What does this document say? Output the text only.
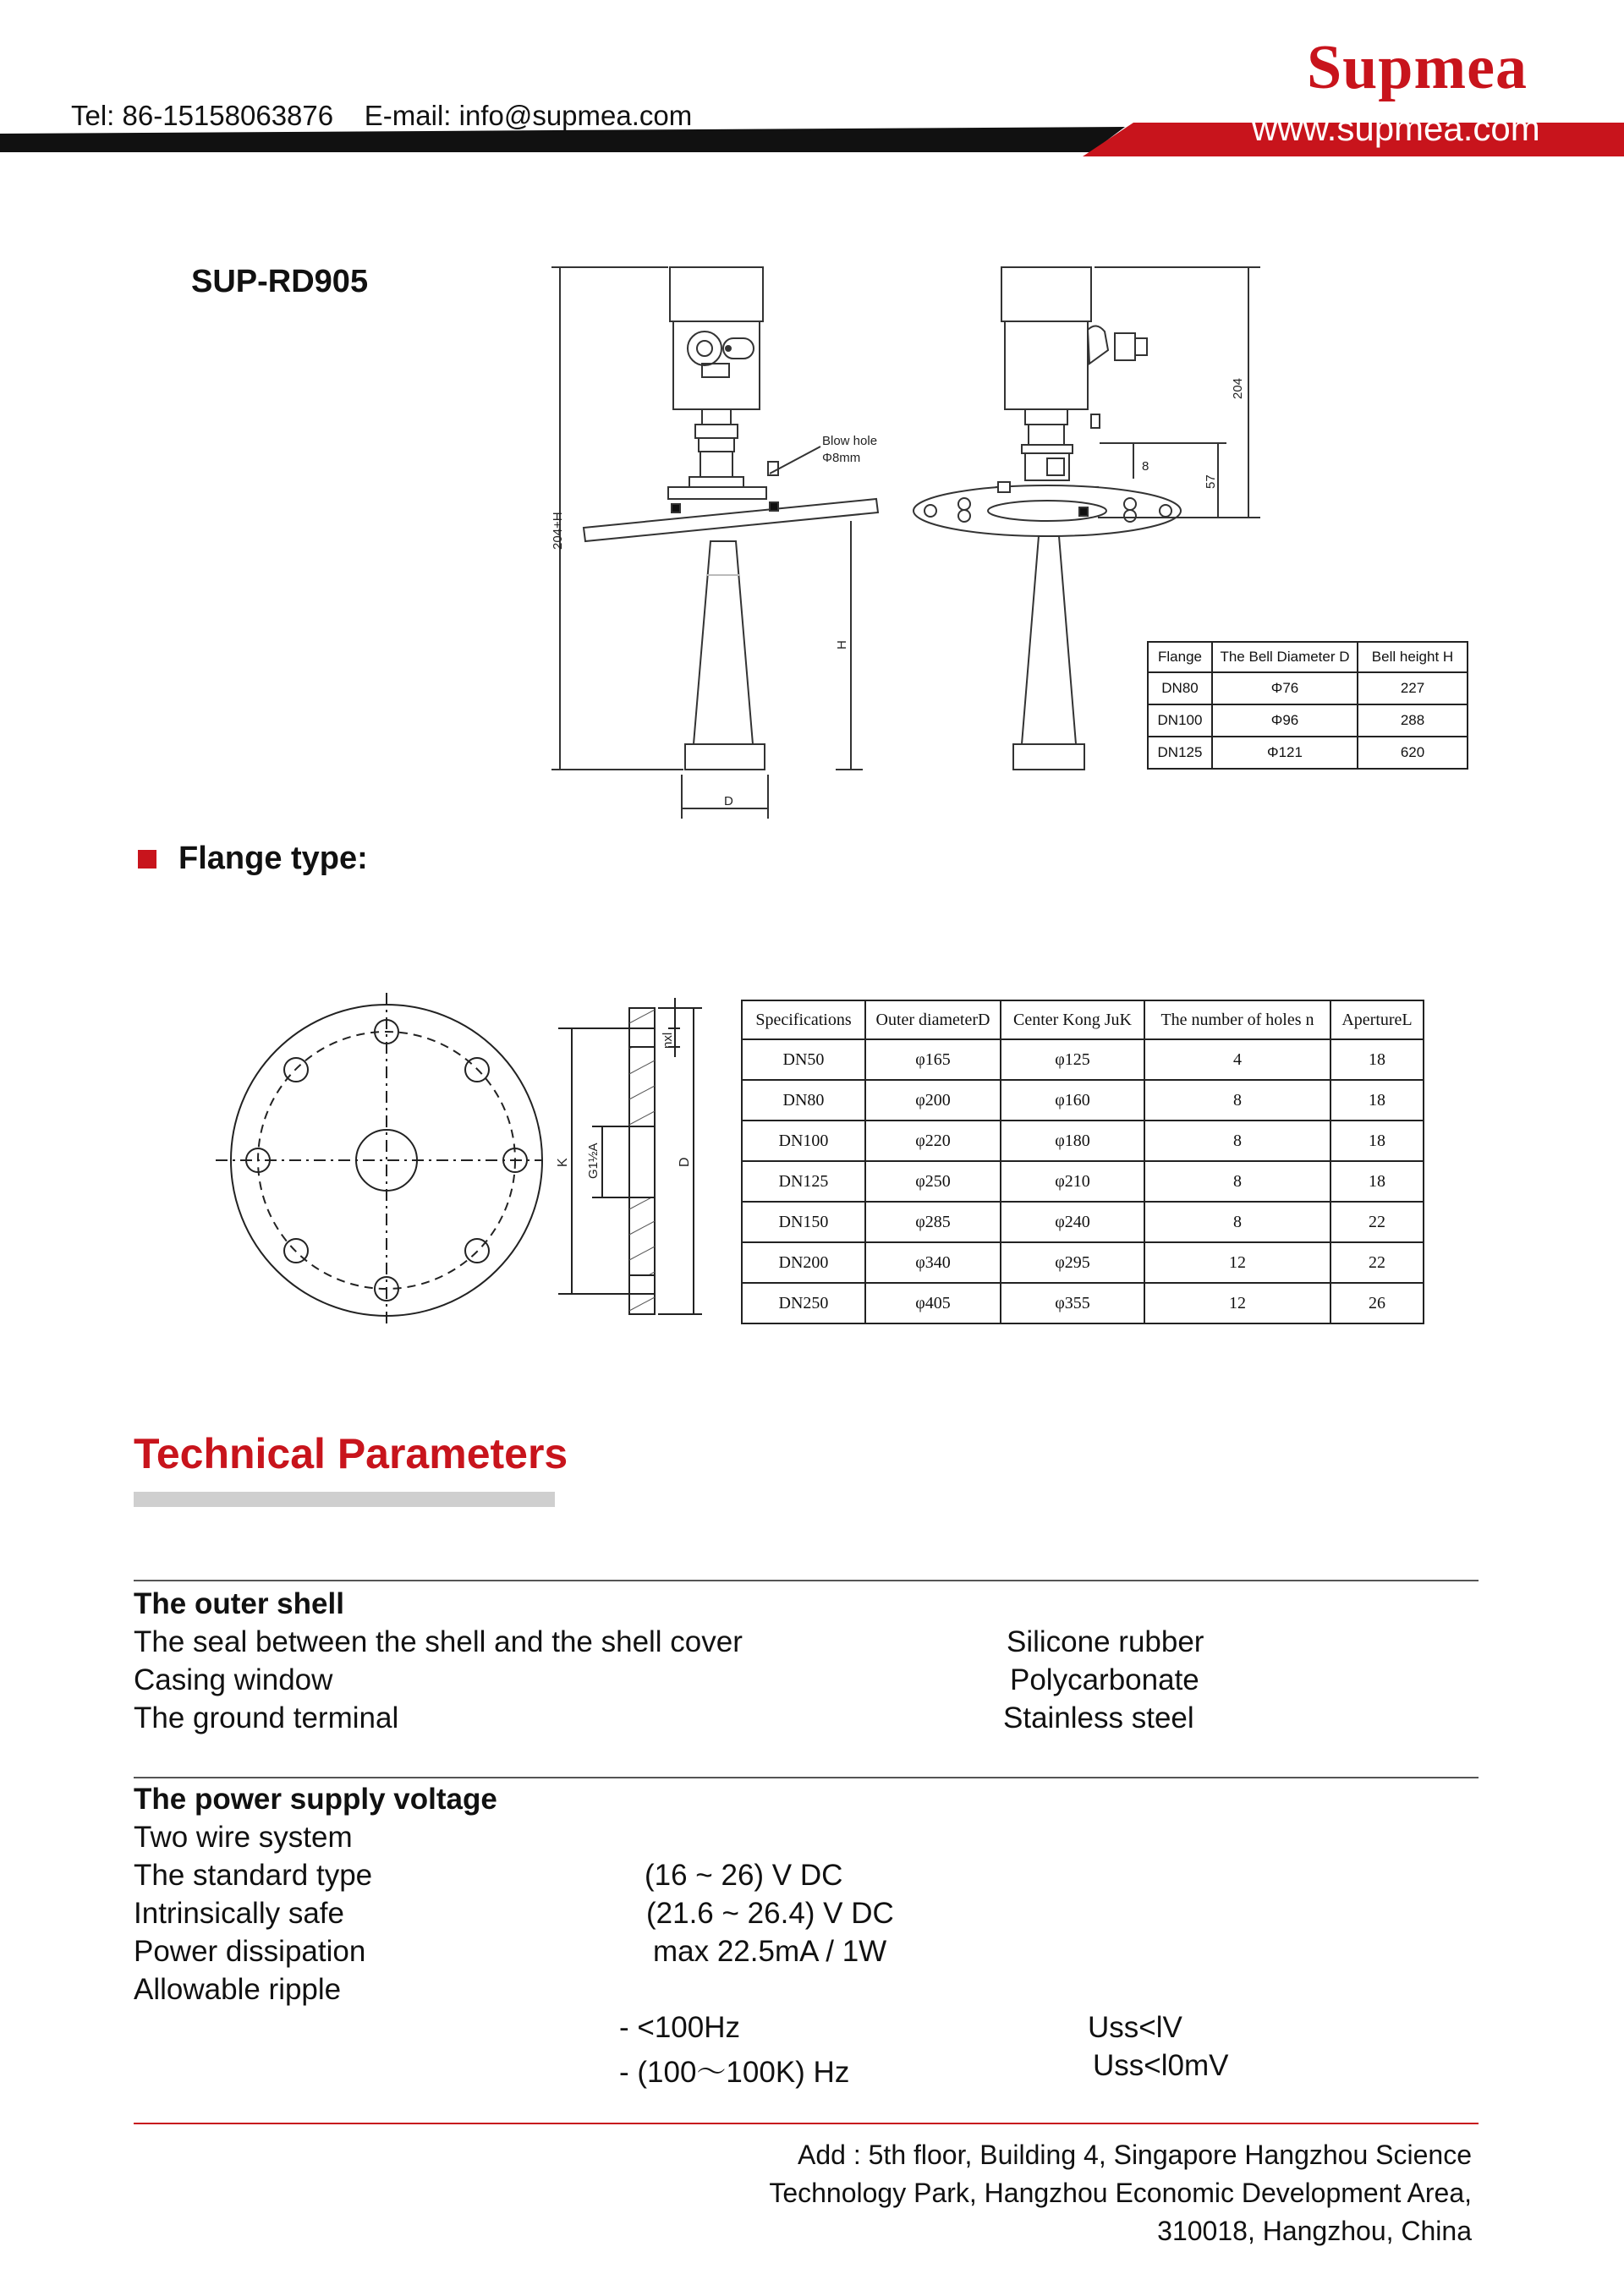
Supmea
Tel: 86-15158063876    E-mail: info@supmea.com	www.supmea.com
SUP-RD905
204+H
H
D
Blow hole
Φ8mm
204
57
8
Flange	The Bell Diameter D	Bell height H
DN80	Φ76	227
DN100	Φ96	288
DN125	Φ121	620
Flange type:
K G1½A	D
nxl
Specifications	Outer diameterD	Center Kong JuK	The number of holes n	ApertureL
DN50	φ165	φ125	4	18
DN80	φ200	φ160	8	18
DN100	φ220	φ180	8	18
DN125	φ250	φ210	8	18
DN150	φ285	φ240	8	22
DN200	φ340	φ295	12	22
DN250	φ405	φ355	12	26
Technical Parameters
The outer shell
The seal between the shell and the shell cover	Silicone rubber
Casing window	Polycarbonate
The ground terminal	Stainless steel
The power supply voltage
Two wire system
The standard type	(16 ~ 26) V DC
Intrinsically safe	(21.6 ~ 26.4) V DC
Power dissipation	max 22.5mA / 1W
Allowable ripple
- <100Hz	Uss<lV
- (100～100K) Hz	Uss<l0mV
Add : 5th floor, Building 4, Singapore Hangzhou Science
Technology Park, Hangzhou Economic Development Area,
310018, Hangzhou, China
